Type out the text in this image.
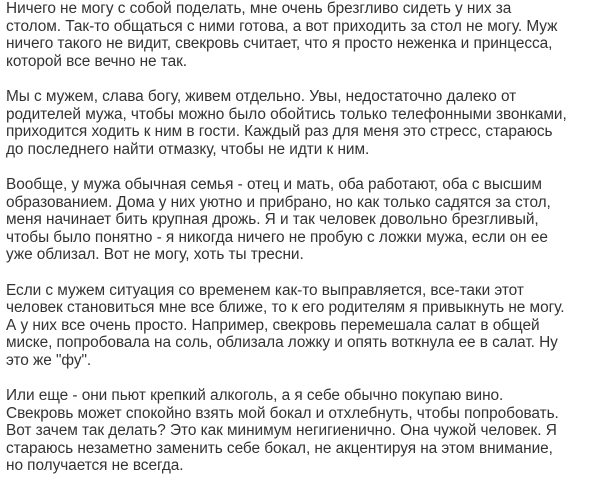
Ничего не могу с собой поделать, мне очень брезгливо сидеть у них за
столом. Так-то общаться с ними готова, а вот приходить за стол не могу. Муж
ничего такого не видит, свекровь считает, что я просто неженка и принцесса,
которой все вечно не так.

Мы с мужем, слава богу, живем отдельно. Увы, недостаточно далеко от
родителей мужа, чтобы можно было обойтись только телефонными звонками,
приходится ходить к ним в гости. Каждый раз для меня это стресс, стараюсь
до последнего найти отмазку, чтобы не идти к ним.

Вообще, у мужа обычная семья - отец и мать, оба работают, оба с высшим
образованием. Дома у них уютно и прибрано, но как только садятся за стол,
меня начинает бить крупная дрожь. Я и так человек довольно брезгливый,
чтобы было понятно - я никогда ничего не пробую с ложки мужа, если он ее
уже облизал. Вот не могу, хоть ты тресни.

Если с мужем ситуация со временем как-то выправляется, все-таки этот
человек становиться мне все ближе, то к его родителям я привыкнуть не могу.
А у них все очень просто. Например, свекровь перемешала салат в общей
миске, попробовала на соль, облизала ложку и опять воткнула ее в салат. Ну
это же "фу".

Или еще - они пьют крепкий алкоголь, а я себе обычно покупаю вино.
Свекровь может спокойно взять мой бокал и отхлебнуть, чтобы попробовать.
Вот зачем так делать? Это как минимум негигиенично. Она чужой человек. Я
стараюсь незаметно заменить себе бокал, не акцентируя на этом внимание,
но получается не всегда.
